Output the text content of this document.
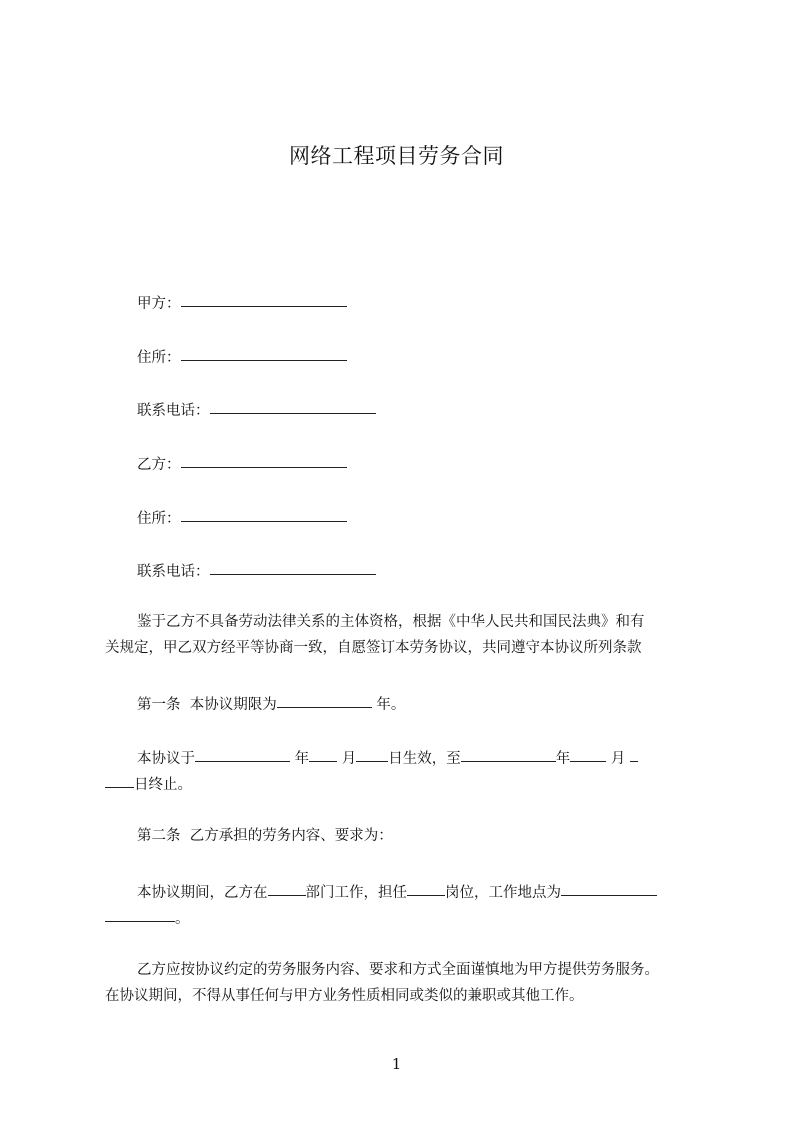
网络工程项目劳务合同
甲方：
住所：
联系电话：
乙方：
住所：
联系电话：
鉴于乙方不具备劳动法律关系的主体资格，根据《中华人民共和国民法典》和有
关规定，甲乙双方经平等协商一致，自愿签订本劳务协议，共同遵守本协议所列条款
第一条  本协议期限为	年。
本协议于	年 月 日生效，至	年 月
日终止。
第二条  乙方承担的劳务内容、要求为：
本协议期间，乙方在	部门工作，担任	岗位，工作地点为
。
乙方应按协议约定的劳务服务内容、要求和方式全面谨慎地为甲方提供劳务服务。
在协议期间，不得从事任何与甲方业务性质相同或类似的兼职或其他工作。
1
